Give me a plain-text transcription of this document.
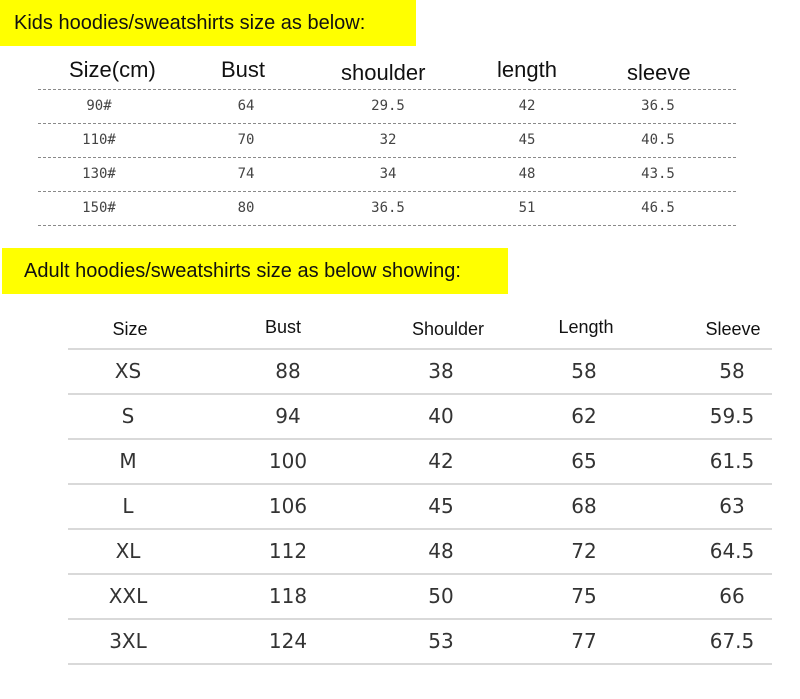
Kids hoodies/sweatshirts size as below:
Size(cm)	Bust	shoulder	length	sleeve
90#	64	29.5	42	36.5
110#	70	32	45	40.5
130#	74	34	48	43.5
150#	80	36.5	51	46.5
Adult hoodies/sweatshirts size as below showing:
Size	Bust	Shoulder	Length	Sleeve
XS	88	38	58	58
S	94	40	62	59.5
M	100	42	65	61.5
L	106	45	68	63
XL	112	48	72	64.5
XXL	118	50	75	66
3XL	124	53	77	67.5
